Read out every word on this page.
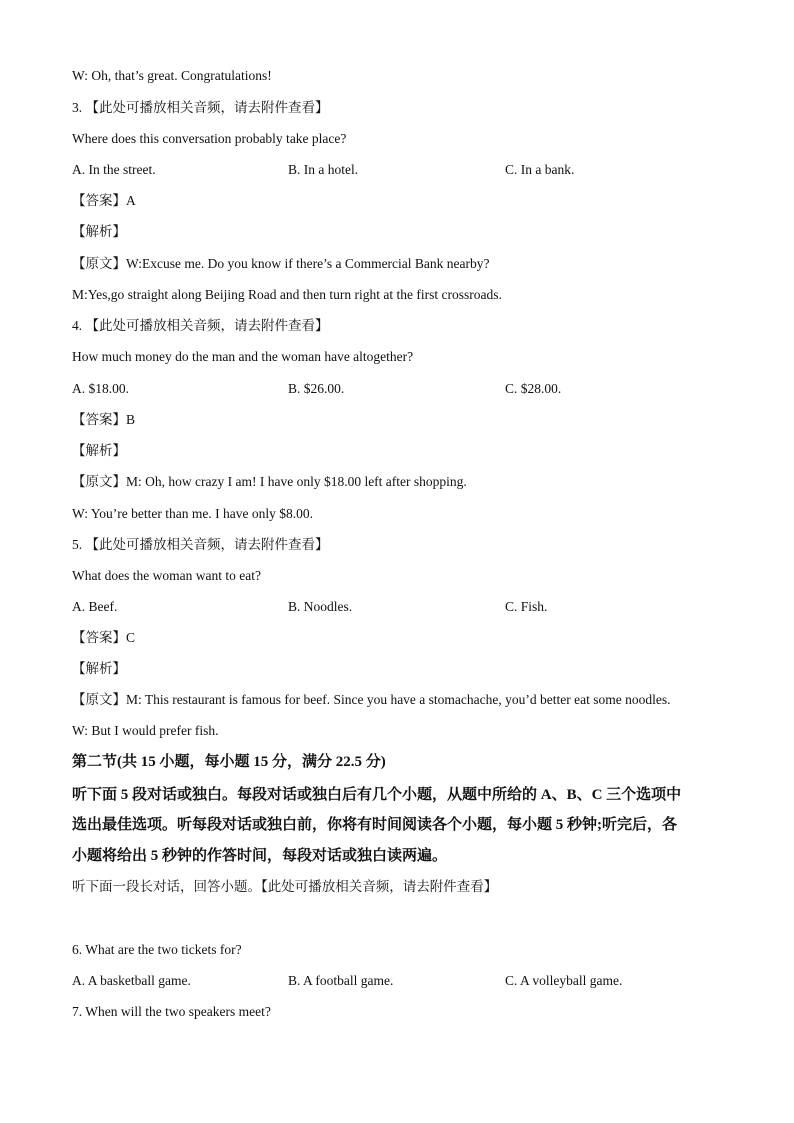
W: Oh, that’s great. Congratulations!
3. 【此处可播放相关音频，请去附件查看】
Where does this conversation probably take place?
A. In the street.	B. In a hotel.	C. In a bank.
【答案】A
【解析】
【原文】W:Excuse me. Do you know if there’s a Commercial Bank nearby?
M:Yes,go straight along Beijing Road and then turn right at the first crossroads.
4. 【此处可播放相关音频，请去附件查看】
How much money do the man and the woman have altogether?
A. $18.00.	B. $26.00.	C. $28.00.
【答案】B
【解析】
【原文】M: Oh, how crazy I am! I have only $18.00 left after shopping.
W: You’re better than me. I have only $8.00.
5. 【此处可播放相关音频，请去附件查看】
What does the woman want to eat?
A. Beef.	B. Noodles.	C. Fish.
【答案】C
【解析】
【原文】M: This restaurant is famous for beef. Since you have a stomachache, you’d better eat some noodles.
W: But I would prefer fish.
第二节(共 15 小题，每小题 15 分，满分 22.5 分)
听下面 5 段对话或独白。每段对话或独白后有几个小题，从题中所给的 A、B、C 三个选项中
选出最佳选项。听每段对话或独白前，你将有时间阅读各个小题，每小题 5 秒钟;听完后，各
小题将给出 5 秒钟的作答时间，每段对话或独白读两遍。
听下面一段长对话，回答小题。【此处可播放相关音频，请去附件查看】
6. What are the two tickets for?
A. A basketball game.	B. A football game.	C. A volleyball game.
7. When will the two speakers meet?
